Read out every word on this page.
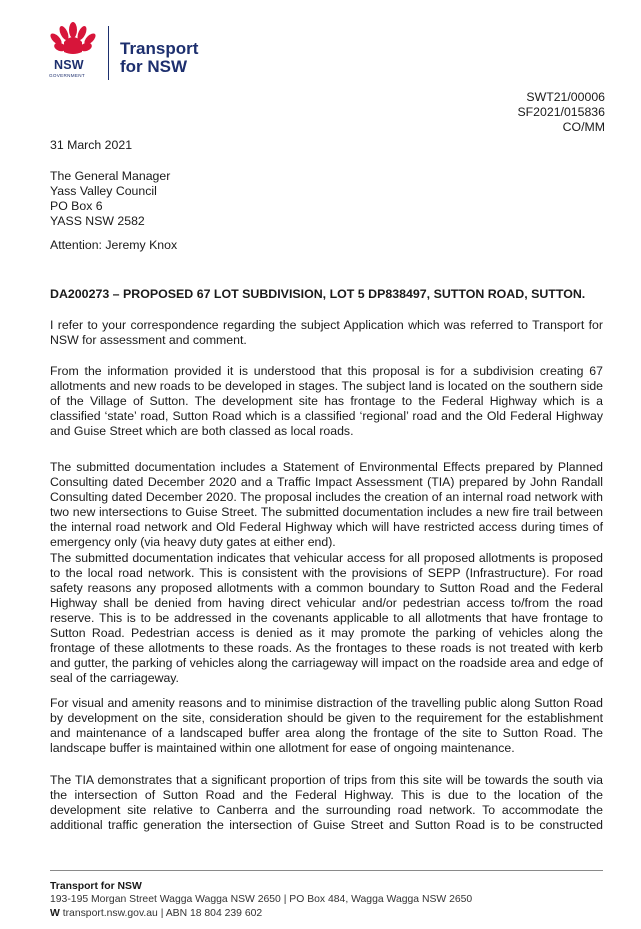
NSW
GOVERNMENT
Transport
for NSW
SWT21/00006
SF2021/015836
CO/MM
31 March 2021
The General Manager
Yass Valley Council
PO Box 6
YASS NSW 2582
Attention: Jeremy Knox
DA200273 – PROPOSED 67 LOT SUBDIVISION, LOT 5 DP838497, SUTTON ROAD, SUTTON.
I refer to your correspondence regarding the subject Application which was referred to Transport for NSW for assessment and comment.
From the information provided it is understood that this proposal is for a subdivision creating 67 allotments and new roads to be developed in stages. The subject land is located on the southern side of the Village of Sutton. The development site has frontage to the Federal Highway which is a classified ‘state’ road, Sutton Road which is a classified ‘regional’ road and the Old Federal Highway and Guise Street which are both classed as local roads.
The submitted documentation includes a Statement of Environmental Effects prepared by Planned Consulting dated December 2020 and a Traffic Impact Assessment (TIA) prepared by John Randall Consulting dated December 2020. The proposal includes the creation of an internal road network with two new intersections to Guise Street. The submitted documentation includes a new fire trail between the internal road network and Old Federal Highway which will have restricted access during times of emergency only (via heavy duty gates at either end).
The submitted documentation indicates that vehicular access for all proposed allotments is proposed to the local road network. This is consistent with the provisions of SEPP (Infrastructure). For road safety reasons any proposed allotments with a common boundary to Sutton Road and the Federal Highway shall be denied from having direct vehicular and/or pedestrian access to/from the road reserve. This is to be addressed in the covenants applicable to all allotments that have frontage to Sutton Road. Pedestrian access is denied as it may promote the parking of vehicles along the frontage of these allotments to these roads. As the frontages to these roads is not treated with kerb and gutter, the parking of vehicles along the carriageway will impact on the roadside area and edge of seal of the carriageway.
For visual and amenity reasons and to minimise distraction of the travelling public along Sutton Road by development on the site, consideration should be given to the requirement for the establishment and maintenance of a landscaped buffer area along the frontage of the site to Sutton Road. The landscape buffer is maintained within one allotment for ease of ongoing maintenance.
The TIA demonstrates that a significant proportion of trips from this site will be towards the south via the intersection of Sutton Road and the Federal Highway. This is due to the location of the development site relative to Canberra and the surrounding road network. To accommodate the additional traffic generation the intersection of Guise Street and Sutton Road is to be constructed
Transport for NSW
193-195 Morgan Street Wagga Wagga NSW 2650 | PO Box 484, Wagga Wagga NSW 2650
W transport.nsw.gov.au | ABN 18 804 239 602
